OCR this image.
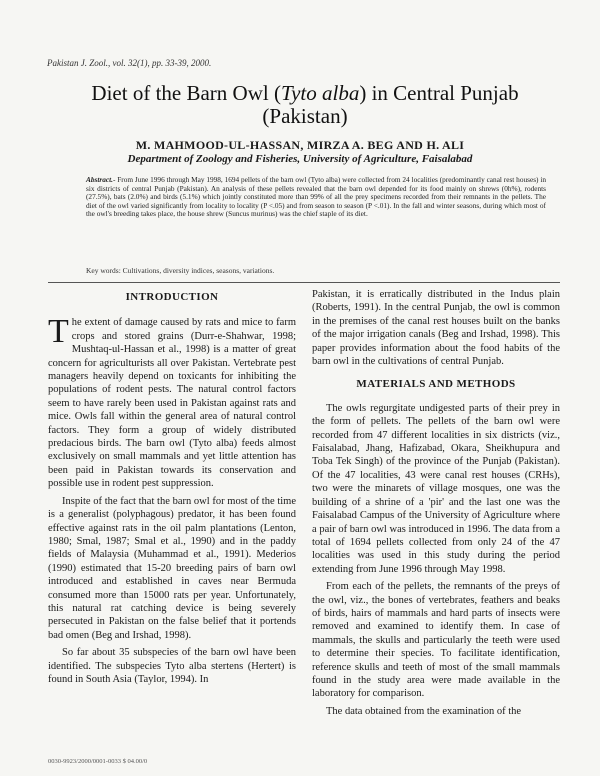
Pakistan J. Zool., vol. 32(1), pp. 33-39, 2000.
Diet of the Barn Owl (Tyto alba) in Central Punjab (Pakistan)
M. MAHMOOD-UL-HASSAN, MIRZA A. BEG AND H. ALI
Department of Zoology and Fisheries, University of Agriculture, Faisalabad
Abstract.- From June 1996 through May 1998, 1694 pellets of the barn owl (Tyto alba) were collected from 24 localities (predominantly canal rest houses) in six districts of central Punjab (Pakistan). An analysis of these pellets revealed that the barn owl depended for its food mainly on shrews (0h%), rodents (27.5%), bats (2.0%) and birds (5.1%) which jointly constituted more than 99% of all the prey specimens recorded from their remnants in the pellets. The diet of the owl varied significantly from locality to locality (P <.05) and from season to season (P <.01). In the fall and winter seasons, during which most of the owl's breeding takes place, the house shrew (Suncus murinus) was the chief staple of its diet.
Key words: Cultivations, diversity indices, seasons, variations.
INTRODUCTION

The extent of damage caused by rats and mice to farm crops and stored grains (Durr-e-Shahwar, 1998; Mushtaq-ul-Hassan et al., 1998) is a matter of great concern for agriculturists all over Pakistan. Vertebrate pest managers heavily depend on toxicants for inhibiting the populations of rodent pests. The natural control factors seem to have rarely been used in Pakistan against rats and mice. Owls fall within the general area of natural control factors. They form a group of widely distributed predacious birds. The barn owl (Tyto alba) feeds almost exclusively on small mammals and yet little attention has been paid in Pakistan towards its conservation and possible use in rodent pest suppression.

Inspite of the fact that the barn owl for most of the time is a generalist (polyphagous) predator, it has been found effective against rats in the oil palm plantations (Lenton, 1980; Smal, 1987; Smal et al., 1990) and in the paddy fields of Malaysia (Muhammad et al., 1991). Mederios (1990) estimated that 15-20 breeding pairs of barn owl introduced and established in caves near Bermuda consumed more than 15000 rats per year. Unfortunately, this natural rat catching device is being severely persecuted in Pakistan on the false belief that it portends bad omen (Beg and Irshad, 1998).

So far about 35 subspecies of the barn owl have been identified. The subspecies Tyto alba stertens (Hertert) is found in South Asia (Taylor, 1994). In

Pakistan, it is erratically distributed in the Indus plain (Roberts, 1991). In the central Punjab, the owl is common in the premises of the canal rest houses built on the banks of the major irrigation canals (Beg and Irshad, 1998). This paper provides information about the food habits of the barn owl in the cultivations of central Punjab.

MATERIALS AND METHODS

The owls regurgitate undigested parts of their prey in the form of pellets. The pellets of the barn owl were recorded from 47 different localities in six districts (viz., Faisalabad, Jhang, Hafizabad, Okara, Sheikhupura and Toba Tek Singh) of the province of the Punjab (Pakistan). Of the 47 localities, 43 were canal rest houses (CRHs), two were the minarets of village mosques, one was the building of a shrine of a 'pir' and the last one was the Faisalabad Campus of the University of Agriculture where a pair of barn owl was introduced in 1996. The data from a total of 1694 pellets collected from only 24 of the 47 localities was used in this study during the period extending from June 1996 through May 1998.

From each of the pellets, the remnants of the preys of the owl, viz., the bones of vertebrates, feathers and beaks of birds, hairs of mammals and hard parts of insects were removed and examined to identify them. In case of mammals, the skulls and particularly the teeth were used to determine their species. To facilitate identification, reference skulls and teeth of most of the small mammals found in the study area were made available in the laboratory for comparison.

The data obtained from the examination of the

0030-9923/2000/0001-0033 $ 04.00/0
